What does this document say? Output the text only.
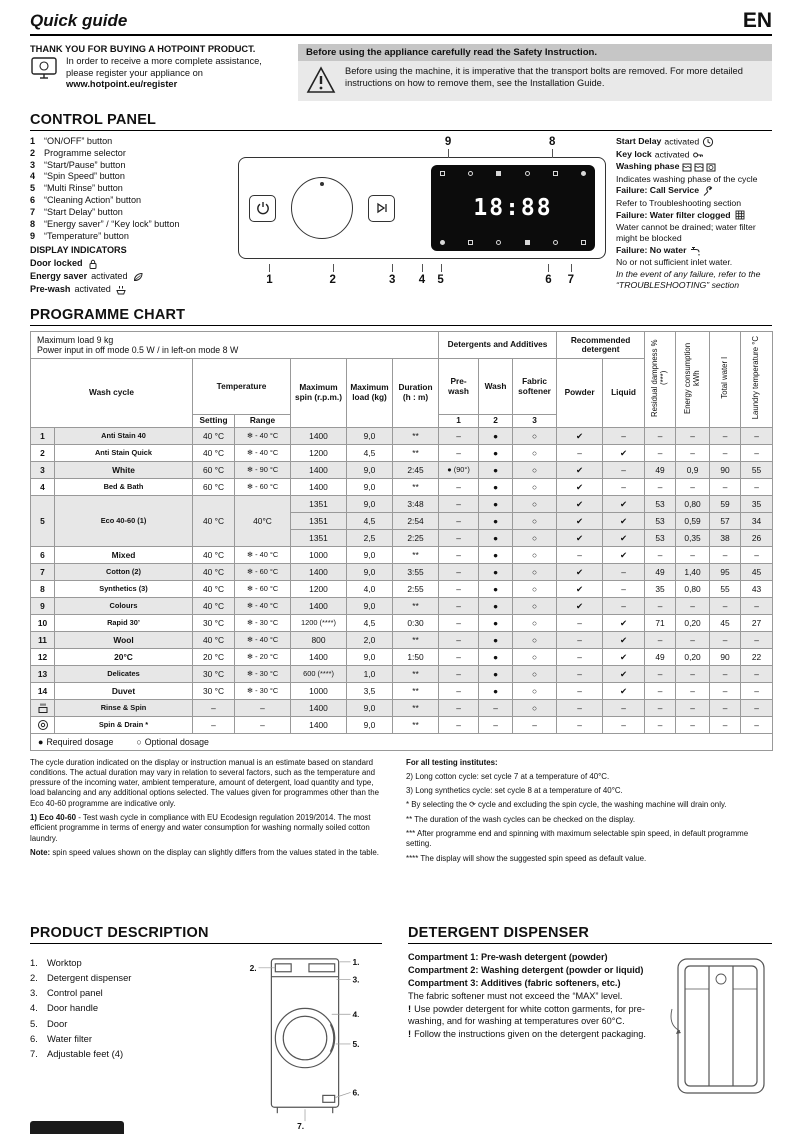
Quick guide	EN
THANK YOU FOR BUYING A HOTPOINT PRODUCT.
In order to receive a more complete assistance, please register your appliance on
www.hotpoint.eu/register
Before using the appliance carefully read the Safety Instruction.
Before using the machine, it is imperative that the transport bolts are removed. For more detailed instructions on how to remove them, see the Installation Guide.
CONTROL PANEL
1 “ON/OFF” button
2 Programme selector
3 “Start/Pause” button
4 “Spin Speed” button
5 “Multi Rinse” button
6 “Cleaning Action” button
7 “Start Delay” button
8 “Energy saver” / “Key lock” button
9 “Temperature” button
DISPLAY INDICATORS
Door locked
Energy saver activated
Pre-wash activated
18:88
9	8
1	2	3 4 5	6 7
Start Delay activated
Key lock activated
Washing phase
Indicates washing phase of the cycle
Failure: Call Service
Refer to Troubleshooting section
Failure: Water filter clogged
Water cannot be drained; water filter might be blocked
Failure: No water
No or not sufficient inlet water.
In the event of any failure, refer to the “TROUBLESHOOTING” section
PROGRAMME CHART
Maximum load 9 kg
Power input in off mode 0.5 W / in left-on mode 8 W							Detergents and Additives			Recommended detergent		Residual dampness % (***)	Energy consumption kWh	Total water l	Laundry temperature °C
Wash cycle		Temperature		Maximum spin (r.p.m.)	Maximum load (kg)	Duration (h : m)	Pre-wash	Wash	Fabric softener	Powder	Liquid				
		Setting	Range				1	2	3						
1	Anti Stain 40	40 °C	❄ - 40 °C	1400	9,0	**	–	●	○	✔	–	–	–	–	–
2	Anti Stain Quick	40 °C	❄ - 40 °C	1200	4,5	**	–	●	○	–	✔	–	–	–	–
3	White	60 °C	❄ - 90 °C	1400	9,0	2:45	● (90°)	●	○	✔	–	49	0,9	90	55
4	Bed & Bath	60 °C	❄ - 60 °C	1400	9,0	**	–	●	○	✔	–	–	–	–	–
5	Eco 40-60 (1)	40 °C	40°C	1351	9,0	3:48	–	●	○	✔	✔	53	0,80	59	35
				1351	4,5	2:54	–	●	○	✔	✔	53	0,59	57	34
				1351	2,5	2:25	–	●	○	✔	✔	53	0,35	38	26
6	Mixed	40 °C	❄ - 40 °C	1000	9,0	**	–	●	○	–	✔	–	–	–	–
7	Cotton (2)	40 °C	❄ - 60 °C	1400	9,0	3:55	–	●	○	✔	–	49	1,40	95	45
8	Synthetics (3)	40 °C	❄ - 60 °C	1200	4,0	2:55	–	●	○	✔	–	35	0,80	55	43
9	Colours	40 °C	❄ - 40 °C	1400	9,0	**	–	●	○	✔	–	–	–	–	–
10	Rapid 30’	30 °C	❄ - 30 °C	1200 (****)	4,5	0:30	–	●	○	–	✔	71	0,20	45	27
11	Wool	40 °C	❄ - 40 °C	800	2,0	**	–	●	○	–	✔	–	–	–	–
12	20°C	20 °C	❄ - 20 °C	1400	9,0	1:50	–	●	○	–	✔	49	0,20	90	22
13	Delicates	30 °C	❄ - 30 °C	600 (****)	1,0	**	–	●	○	–	✔	–	–	–	–
14	Duvet	30 °C	❄ - 30 °C	1000	3,5	**	–	●	○	–	✔	–	–	–	–

	Rinse & Spin	–	–	1400	9,0	**	–	–	○	–	–	–	–	–	–

	Spin & Drain *	–	–	1400	9,0	**	–	–	–	–	–	–	–	–	–
● Required dosage ○ Optional dosage															

The cycle duration indicated on the display or instruction manual is an estimate based on standard conditions. The actual duration may vary in relation to several factors, such as the temperature and pressure of the incoming water, ambient temperature, amount of detergent, load quantity and type, load balancing and any additional options selected. The values given for programmes other than the Eco 40-60 programme are indicative only.

1) Eco 40-60 - Test wash cycle in compliance with EU Ecodesign regulation 2019/2014. The most efficient programme in terms of energy and water consumption for washing normally soiled cotton laundry.

Note: spin speed values shown on the display can slightly differs from the values stated in the table.

For all testing institutes:

2) Long cotton cycle: set cycle 7 at a temperature of 40°C.

3) Long synthetics cycle: set cycle 8 at a temperature of 40°C.

* By selecting the ⟳ cycle and excluding the spin cycle, the washing machine will drain only.

** The duration of the wash cycles can be checked on the display.

*** After programme end and spinning with maximum selectable spin speed, in default programme setting.

**** The display will show the suggested spin speed as default value.

PRODUCT DESCRIPTION
1. Worktop
2. Detergent dispenser
3. Control panel
4. Door handle
5. Door
6. Water filter
7. Adjustable feet (4)
1.
2.
3.
4.
5.
6.
7.
DETERGENT DISPENSER

Compartment 1: Pre-wash detergent (powder)

Compartment 2: Washing detergent (powder or liquid)

Compartment 3: Additives (fabric softeners, etc.)

The fabric softener must not exceed the “MAX” level.

! Use powder detergent for white cotton garments, for pre-washing, and for washing at temperatures over 60°C.

! Follow the instructions given on the detergent packaging.
